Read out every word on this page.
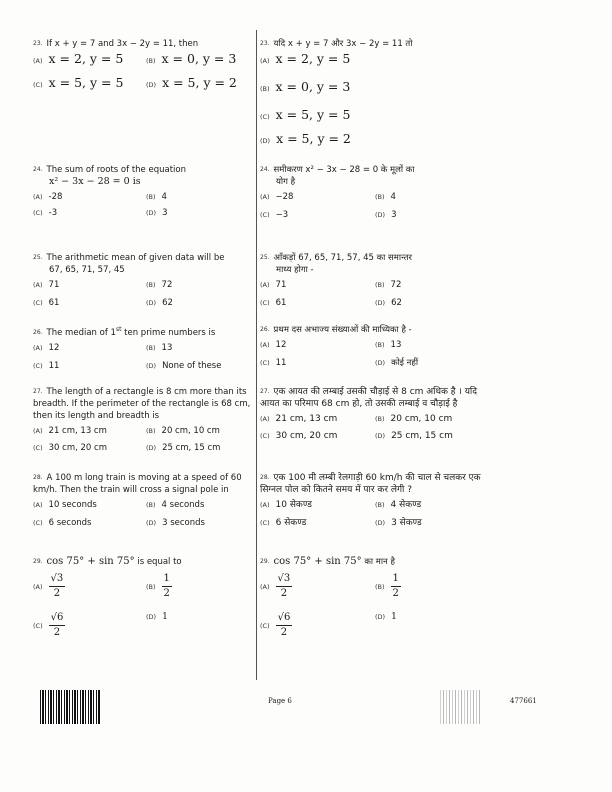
23. If x + y = 7 and 3x − 2y = 11, then
(A) x = 2, y = 5	(B) x = 0, y = 3
(C) x = 5, y = 5	(D) x = 5, y = 2
23. यदि x + y = 7 और 3x − 2y = 11 तो
(A) x = 2, y = 5
(B) x = 0, y = 3
(C) x = 5, y = 5
(D) x = 5, y = 2
24. The sum of roots of the equation
x² − 3x − 28 = 0 is
(A) -28	(B) 4
(C) -3	(D) 3
24. समीकरण x² − 3x − 28 = 0 के मूलों का
योग है
(A) −28	(B) 4
(C) −3	(D) 3
25. The arithmetic mean of given data will be
67, 65, 71, 57, 45
(A) 71	(B) 72
(C) 61	(D) 62
25. आँकड़ों 67, 65, 71, 57, 45 का समान्तर
माध्य होगा -
(A) 71	(B) 72
(C) 61	(D) 62
26. The median of 1st ten prime numbers is
(A) 12	(B) 13
(C) 11	(D) None of these
26. प्रथम दस अभाज्य संख्याओं की माध्यिका है -
(A) 12	(B) 13
(C) 11	(D) कोई नहीं
27. The length of a rectangle is 8 cm more than its breadth. If the perimeter of the rectangle is 68 cm, then its length and breadth is
(A) 21 cm, 13 cm	(B) 20 cm, 10 cm
(C) 30 cm, 20 cm	(D) 25 cm, 15 cm
27. एक आयत की लम्बाई उसकी चौड़ाई से 8 cm अधिक है । यदि आयत का परिमाप 68 cm हो, तो उसकी लम्बाई व चौड़ाई है
(A) 21 cm, 13 cm	(B) 20 cm, 10 cm
(C) 30 cm, 20 cm	(D) 25 cm, 15 cm
28. A 100 m long train is moving at a speed of 60 km/h. Then the train will cross a signal pole in
(A) 10 seconds	(B) 4 seconds
(C) 6 seconds	(D) 3 seconds
28. एक 100 मी लम्बी रेलगाड़ी 60 km/h की चाल से चलकर एक सिग्नल पोल को कितने समय में पार कर लेगी ?
(A) 10 सेकण्ड	(B) 4 सेकण्ड
(C) 6 सेकण्ड	(D) 3 सेकण्ड
29. cos 75° + sin 75° is equal to
$(A) \frac{√3}{2}$	$(B) \frac{1}{2}$
$(C) \frac{√6}{2}$	(D) 1
29. cos 75° + sin 75° का मान है
$(A) \frac{√3}{2}$	$(B) \frac{1}{2}$
$(C) \frac{√6}{2}$	(D) 1
Page 6	477661
